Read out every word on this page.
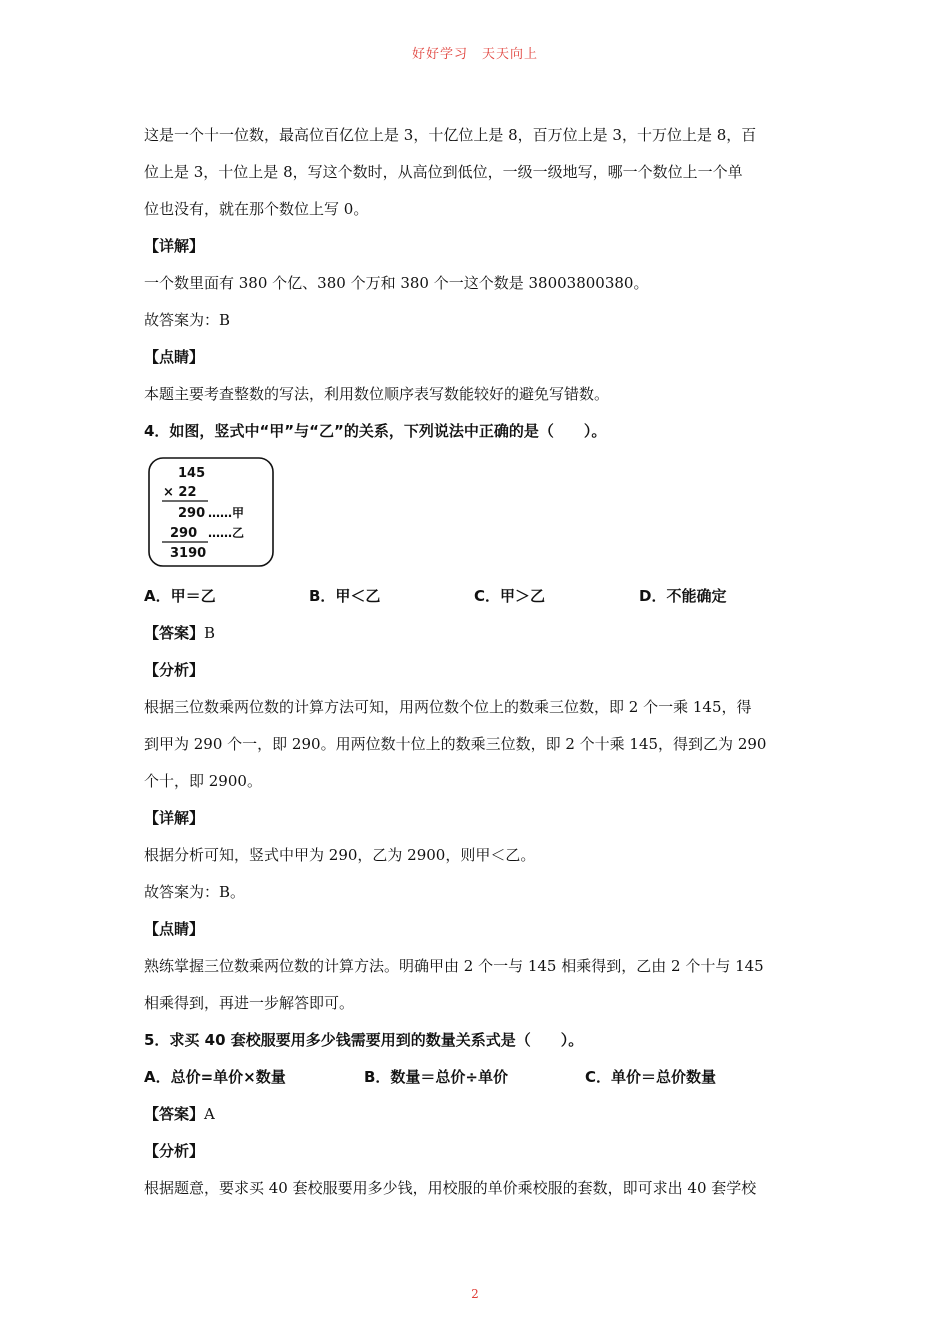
好好学习　天天向上
这是一个十一位数，最高位百亿位上是 3，十亿位上是 8，百万位上是 3，十万位上是 8，百
位上是 3，十位上是 8，写这个数时，从高位到低位，一级一级地写，哪一个数位上一个单
位也没有，就在那个数位上写 0。
【详解】
一个数里面有 380 个亿、380 个万和 380 个一这个数是 38003800380。
故答案为：B
【点睛】
本题主要考查整数的写法，利用数位顺序表写数能较好的避免写错数。
4．如图，竖式中“甲”与“乙”的关系，下列说法中正确的是（　　）。
145
× 22
290 ……甲
290 ……乙
3190
A．甲＝乙	B．甲＜乙	C．甲＞乙	D．不能确定
【答案】B
【分析】
根据三位数乘两位数的计算方法可知，用两位数个位上的数乘三位数，即 2 个一乘 145，得
到甲为 290 个一，即 290。用两位数十位上的数乘三位数，即 2 个十乘 145，得到乙为 290
个十，即 2900。
【详解】
根据分析可知，竖式中甲为 290，乙为 2900，则甲＜乙。
故答案为：B。
【点睛】
熟练掌握三位数乘两位数的计算方法。明确甲由 2 个一与 145 相乘得到，乙由 2 个十与 145
相乘得到，再进一步解答即可。
5．求买 40 套校服要用多少钱需要用到的数量关系式是（　　）。
A．总价=单价×数量	B．数量＝总价÷单价	C．单价＝总价数量
【答案】A
【分析】
根据题意，要求买 40 套校服要用多少钱，用校服的单价乘校服的套数，即可求出 40 套学校
2
